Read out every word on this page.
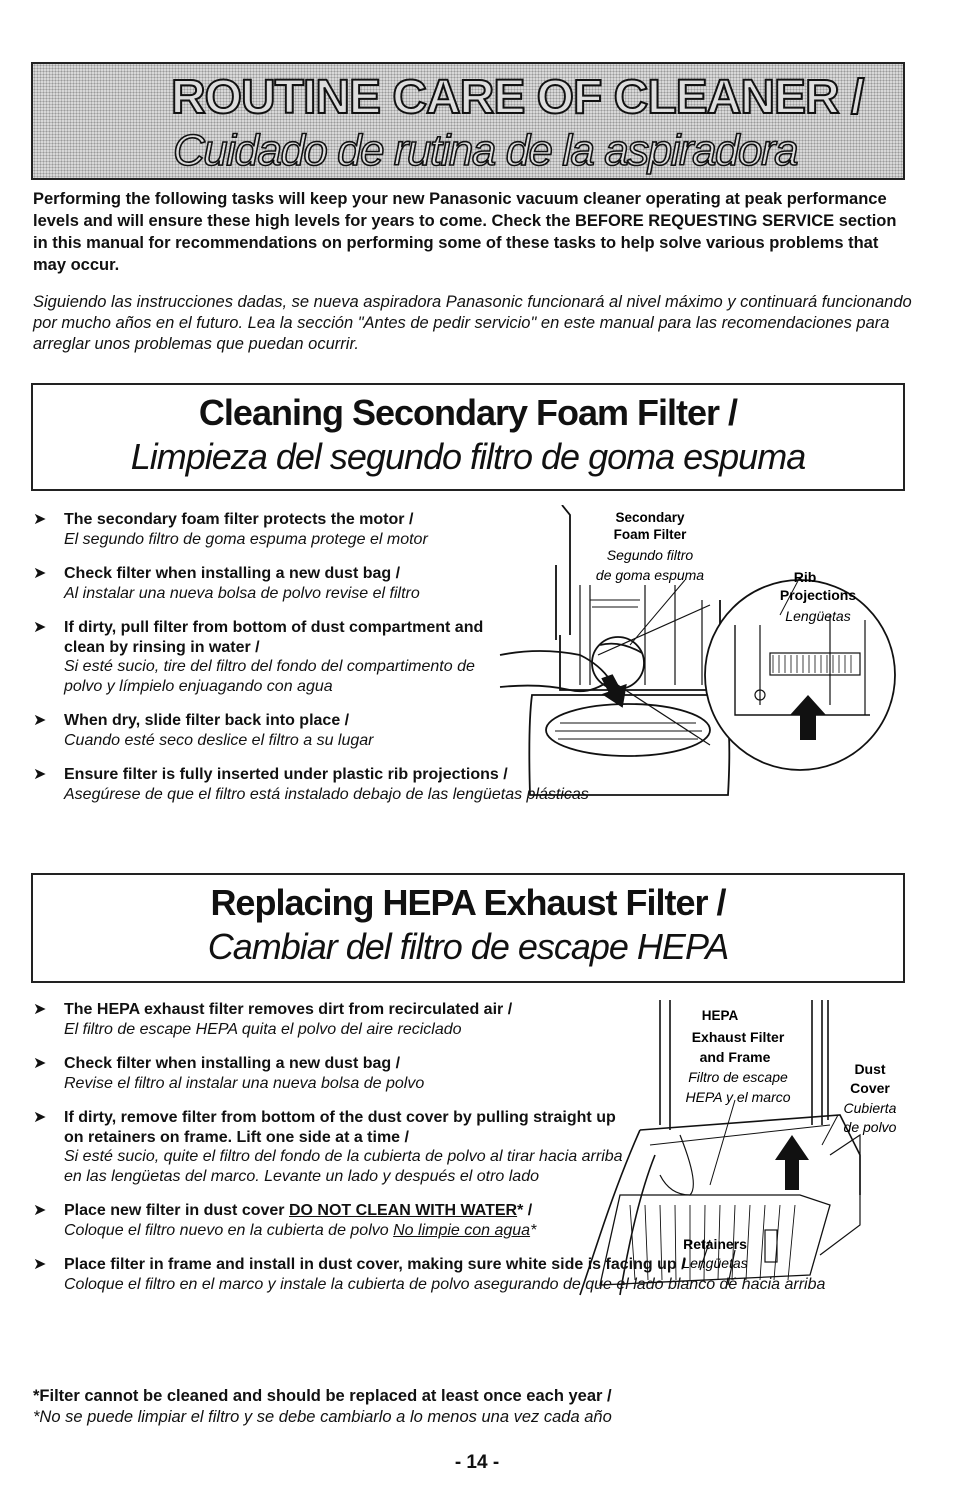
ROUTINE CARE OF CLEANER /
Cuidado de rutina de la aspiradora
Performing the following tasks will keep your new Panasonic vacuum cleaner operating at peak performance levels and will ensure these high levels for years to come. Check the BEFORE REQUESTING SERVICE section in this manual for recommendations on performing some of these tasks to help solve various problems that may occur.
Siguiendo las instrucciones dadas, se nueva aspiradora Panasonic funcionará al nivel máximo y continuará funcionando por mucho años en el futuro. Lea la sección "Antes de pedir servicio" en este manual para las recomendaciones para arreglar unos problemas que puedan ocurrir.
Cleaning Secondary Foam Filter /
Limpieza del segundo filtro de goma espuma
➤ The secondary foam filter protects the motor /
El segundo filtro de goma espuma protege el motor
➤ Check filter when installing a new dust bag /
Al instalar una nueva bolsa de polvo revise el filtro
➤ If dirty, pull filter from bottom of dust compartment and clean by rinsing in water /
Si esté sucio, tire del filtro del fondo del compartimento de polvo y límpielo enjuagando con agua
➤ When dry, slide filter back into place /
Cuando esté seco deslice el filtro a su lugar
➤ Ensure filter is fully inserted under plastic rib projections /
Asegúrese de que el filtro está instalado debajo de las lengüetas plásticas
Secondary
Foam Filter
Segundo filtro
de goma espuma	Rib
Projections
Lengüetas
Replacing HEPA Exhaust Filter /
Cambiar del filtro de escape HEPA
➤ The HEPA exhaust filter removes dirt from recirculated air /
El filtro de escape HEPA quita el polvo del aire reciclado
➤ Check filter when installing a new dust bag /
Revise el filtro al instalar una nueva bolsa de polvo
➤ If dirty, remove filter from bottom of the dust cover by pulling straight up on retainers on frame. Lift one side at a time /
Si esté sucio, quite el filtro del fondo de la cubierta de polvo al tirar hacia arriba en las lengüetas del marco. Levante un lado y después el otro lado
➤ Place new filter in dust cover DO NOT CLEAN WITH WATER* /
Coloque el filtro nuevo en la cubierta de polvo No limpie con agua*
➤ Place filter in frame and install in dust cover, making sure white side is facing up /
Coloque el filtro en el marco y instale la cubierta de polvo asegurando de que el lado blanco dé hacia arriba
HEPA
Exhaust Filter
and Frame
Filtro de escape
HEPA y el marco
Dust
Cover
Cubierta
de polvo
Retainers
Lengüetas
*Filter cannot be cleaned and should be replaced at least once each year /
*No se puede limpiar el filtro y se debe cambiarlo a lo menos una vez cada año
- 14 -
